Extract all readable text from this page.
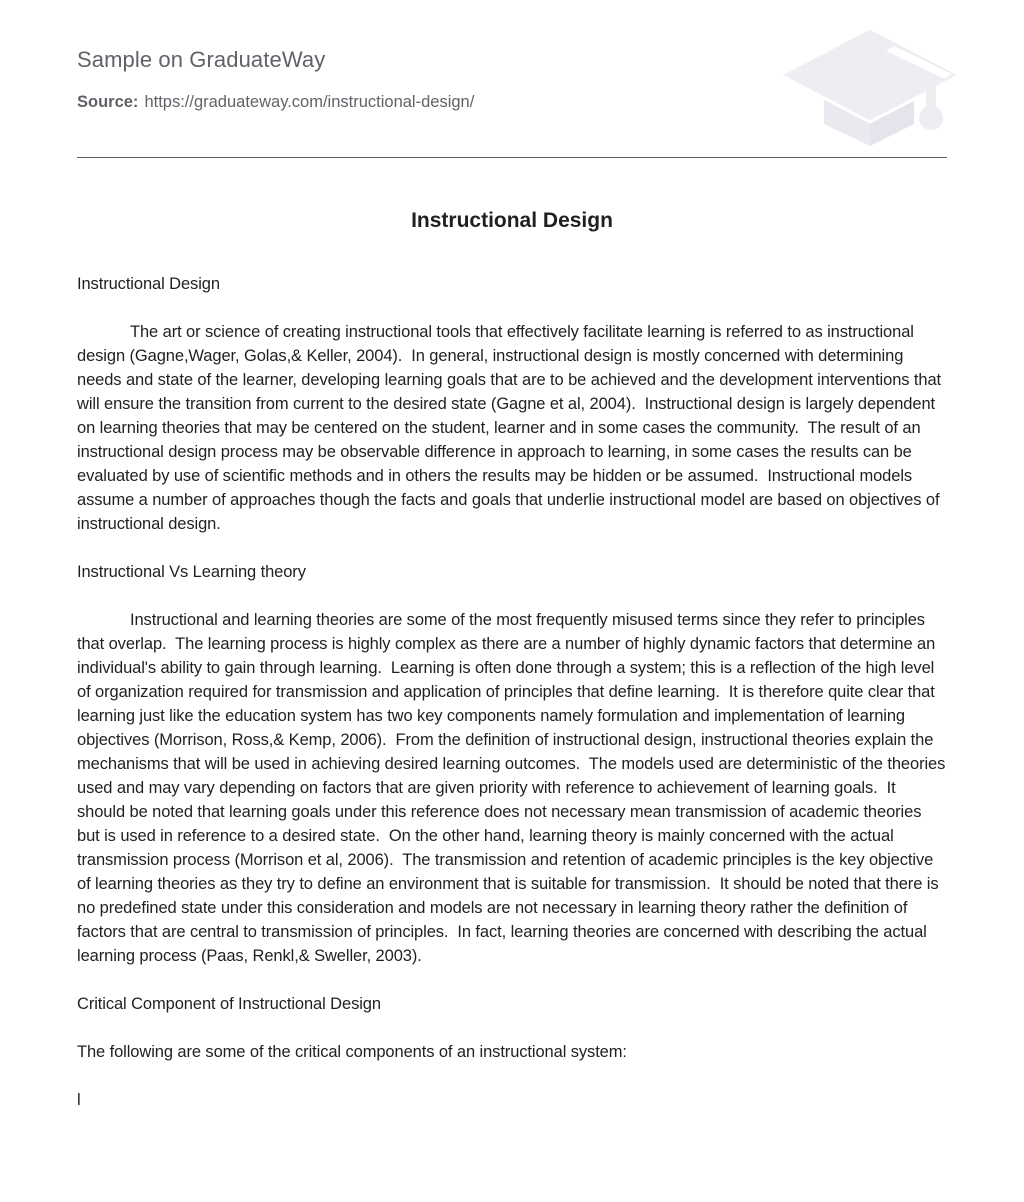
Sample on GraduateWay
Source: https://graduateway.com/instructional-design/
Instructional Design

Instructional Design

The art or science of creating instructional tools that effectively facilitate learning is referred to as instructional design (Gagne,Wager, Golas,& Keller, 2004).  In general, instructional design is mostly concerned with determining needs and state of the learner, developing learning goals that are to be achieved and the development interventions that will ensure the transition from current to the desired state (Gagne et al, 2004).  Instructional design is largely dependent on learning theories that may be centered on the student, learner and in some cases the community.  The result of an instructional design process may be observable difference in approach to learning, in some cases the results can be evaluated by use of scientific methods and in others the results may be hidden or be assumed.  Instructional models assume a number of approaches though the facts and goals that underlie instructional model are based on objectives of instructional design.

Instructional Vs Learning theory

Instructional and learning theories are some of the most frequently misused terms since they refer to principles that overlap.  The learning process is highly complex as there are a number of highly dynamic factors that determine an individual's ability to gain through learning.  Learning is often done through a system; this is a reflection of the high level of organization required for transmission and application of principles that define learning.  It is therefore quite clear that learning just like the education system has two key components namely formulation and implementation of learning objectives (Morrison, Ross,& Kemp, 2006).  From the definition of instructional design, instructional theories explain the mechanisms that will be used in achieving desired learning outcomes.  The models used are deterministic of the theories used and may vary depending on factors that are given priority with reference to achievement of learning goals.  It should be noted that learning goals under this reference does not necessary mean transmission of academic theories but is used in reference to a desired state.  On the other hand, learning theory is mainly concerned with the actual transmission process (Morrison et al, 2006).  The transmission and retention of academic principles is the key objective of learning theories as they try to define an environment that is suitable for transmission.  It should be noted that there is no predefined state under this consideration and models are not necessary in learning theory rather the definition of factors that are central to transmission of principles.  In fact, learning theories are concerned with describing the actual learning process (Paas, Renkl,& Sweller, 2003).

Critical Component of Instructional Design

The following are some of the critical components of an instructional system:

l
